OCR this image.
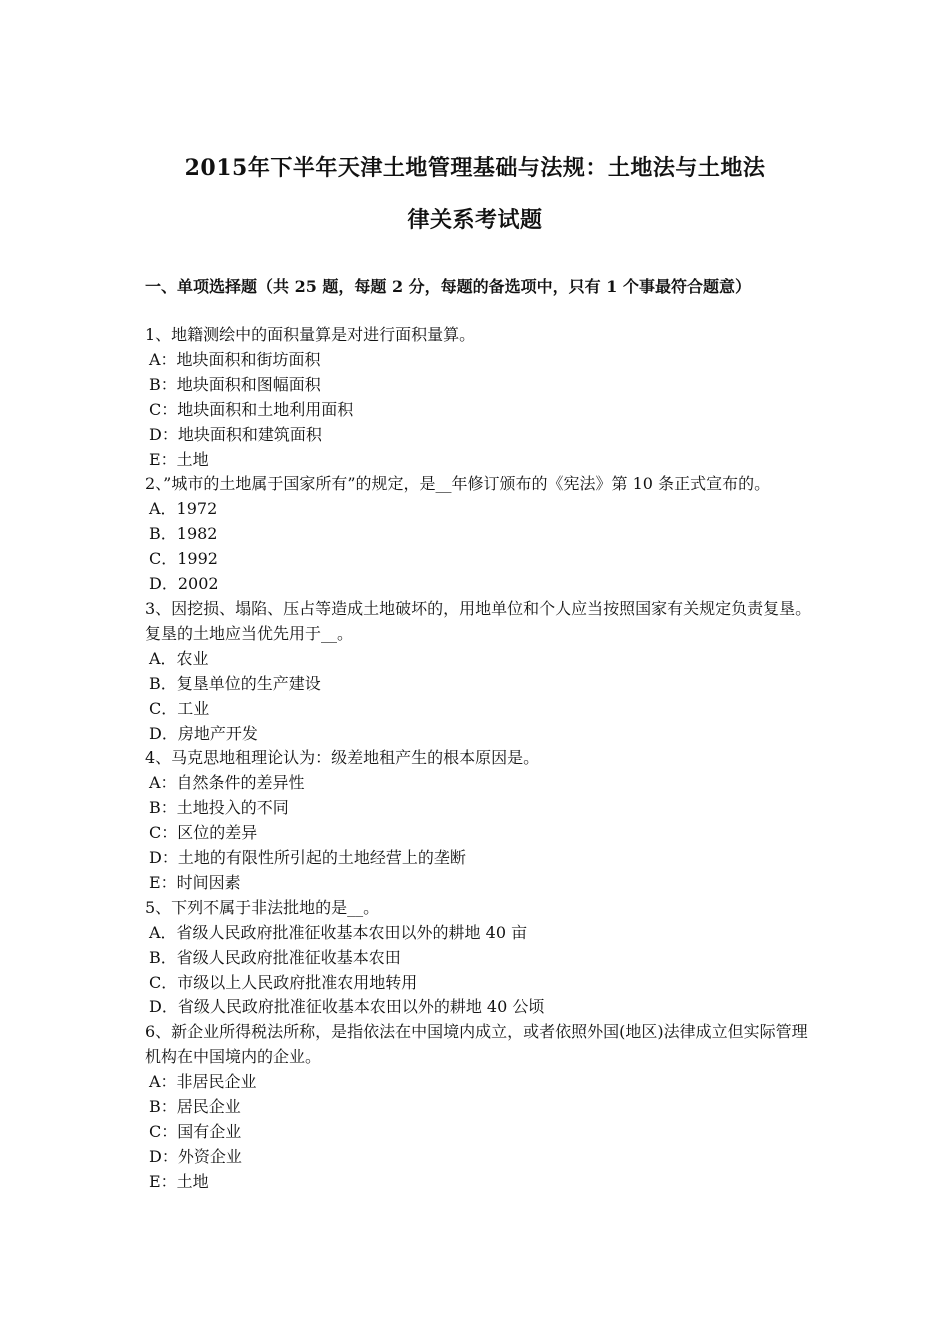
2015年下半年天津土地管理基础与法规：土地法与土地法
律关系考试题
一、单项选择题（共 25 题，每题 2 分，每题的备选项中，只有 1 个事最符合题意）
1、地籍测绘中的面积量算是对进行面积量算。
A：地块面积和街坊面积
B：地块面积和图幅面积
C：地块面积和土地利用面积
D：地块面积和建筑面积
E：土地
2、”城市的土地属于国家所有”的规定，是__年修订颁布的《宪法》第 10 条正式宣布的。
A．1972
B．1982
C．1992
D．2002
3、因挖损、塌陷、压占等造成土地破坏的，用地单位和个人应当按照国家有关规定负责复垦。复垦的土地应当优先用于__。
A．农业
B．复垦单位的生产建设
C．工业
D．房地产开发
4、马克思地租理论认为：级差地租产生的根本原因是。
A：自然条件的差异性
B：土地投入的不同
C：区位的差异
D：土地的有限性所引起的土地经营上的垄断
E：时间因素
5、下列不属于非法批地的是__。
A．省级人民政府批准征收基本农田以外的耕地 40 亩
B．省级人民政府批准征收基本农田
C．市级以上人民政府批准农用地转用
D．省级人民政府批准征收基本农田以外的耕地 40 公顷
6、新企业所得税法所称，是指依法在中国境内成立，或者依照外国(地区)法律成立但实际管理机构在中国境内的企业。
A：非居民企业
B：居民企业
C：国有企业
D：外资企业
E：土地
